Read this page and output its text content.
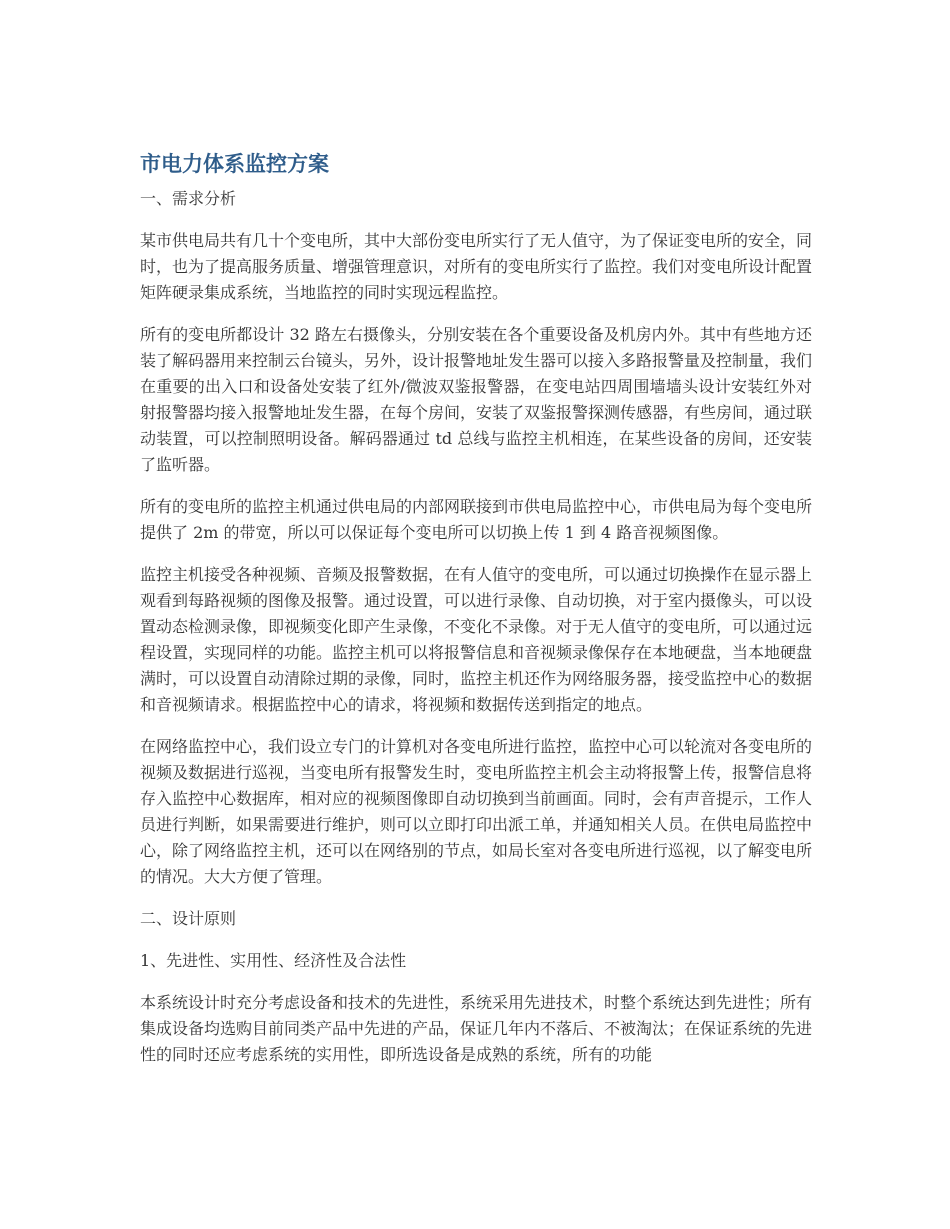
市电力体系监控方案
一、需求分析

某市供电局共有几十个变电所，其中大部份变电所实行了无人值守，为了保证变电所的安全，同时，也为了提高服务质量、增强管理意识，对所有的变电所实行了监控。我们对变电所设计配置矩阵硬录集成系统，当地监控的同时实现远程监控。

所有的变电所都设计 32 路左右摄像头，分别安装在各个重要设备及机房内外。其中有些地方还装了解码器用来控制云台镜头，另外，设计报警地址发生器可以接入多路报警量及控制量，我们在重要的出入口和设备处安装了红外/微波双鉴报警器，在变电站四周围墙墙头设计安装红外对射报警器均接入报警地址发生器，在每个房间，安装了双鉴报警探测传感器，有些房间，通过联动装置，可以控制照明设备。解码器通过 td 总线与监控主机相连，在某些设备的房间，还安装了监听器。

所有的变电所的监控主机通过供电局的内部网联接到市供电局监控中心，市供电局为每个变电所提供了 2m 的带宽，所以可以保证每个变电所可以切换上传 1 到 4 路音视频图像。

监控主机接受各种视频、音频及报警数据，在有人值守的变电所，可以通过切换操作在显示器上观看到每路视频的图像及报警。通过设置，可以进行录像、自动切换，对于室内摄像头，可以设置动态检测录像，即视频变化即产生录像，不变化不录像。对于无人值守的变电所，可以通过远程设置，实现同样的功能。监控主机可以将报警信息和音视频录像保存在本地硬盘，当本地硬盘满时，可以设置自动清除过期的录像，同时，监控主机还作为网络服务器，接受监控中心的数据和音视频请求。根据监控中心的请求，将视频和数据传送到指定的地点。

在网络监控中心，我们设立专门的计算机对各变电所进行监控，监控中心可以轮流对各变电所的视频及数据进行巡视，当变电所有报警发生时，变电所监控主机会主动将报警上传，报警信息将存入监控中心数据库，相对应的视频图像即自动切换到当前画面。同时，会有声音提示，工作人员进行判断，如果需要进行维护，则可以立即打印出派工单，并通知相关人员。在供电局监控中心，除了网络监控主机，还可以在网络别的节点，如局长室对各变电所进行巡视，以了解变电所的情况。大大方便了管理。

二、设计原则
1、先进性、实用性、经济性及合法性

本系统设计时充分考虑设备和技术的先进性，系统采用先进技术，时整个系统达到先进性；所有集成设备均选购目前同类产品中先进的产品，保证几年内不落后、不被淘汰；在保证系统的先进性的同时还应考虑系统的实用性，即所选设备是成熟的系统，所有的功能
